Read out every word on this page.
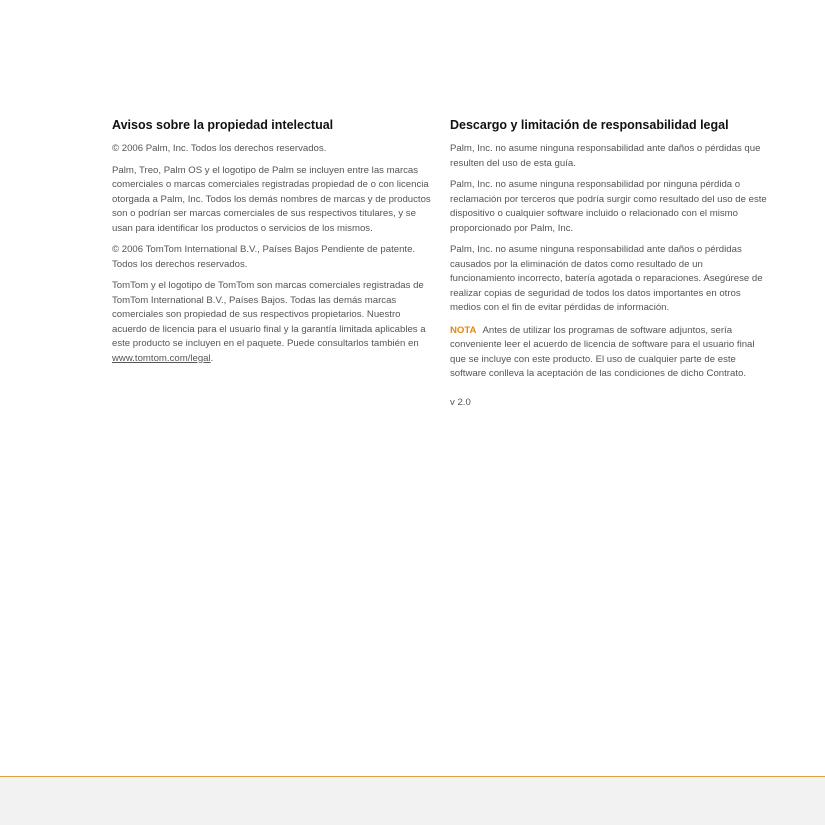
Avisos sobre la propiedad intelectual

© 2006 Palm, Inc. Todos los derechos reservados.

Palm, Treo, Palm OS y el logotipo de Palm se incluyen entre las marcas comerciales o marcas comerciales registradas propiedad de o con licencia otorgada a Palm, Inc. Todos los demás nombres de marcas y de productos son o podrían ser marcas comerciales de sus respectivos titulares, y se usan para identificar los productos o servicios de los mismos.

© 2006 TomTom International B.V., Países Bajos Pendiente de patente. Todos los derechos reservados.

TomTom y el logotipo de TomTom son marcas comerciales registradas de TomTom International B.V., Países Bajos. Todas las demás marcas comerciales son propiedad de sus respectivos propietarios. Nuestro acuerdo de licencia para el usuario final y la garantía limitada aplicables a este producto se incluyen en el paquete. Puede consultarlos también en www.tomtom.com/legal.

Descargo y limitación de responsabilidad legal

Palm, Inc. no asume ninguna responsabilidad ante daños o pérdidas que resulten del uso de esta guía.

Palm, Inc. no asume ninguna responsabilidad por ninguna pérdida o reclamación por terceros que podría surgir como resultado del uso de este dispositivo o cualquier software incluido o relacionado con el mismo proporcionado por Palm, Inc.

Palm, Inc. no asume ninguna responsabilidad ante daños o pérdidas causados por la eliminación de datos como resultado de un funcionamiento incorrecto, batería agotada o reparaciones. Asegúrese de realizar copias de seguridad de todos los datos importantes en otros medios con el fin de evitar pérdidas de información.

NOTA Antes de utilizar los programas de software adjuntos, sería conveniente leer el acuerdo de licencia de software para el usuario final que se incluye con este producto. El uso de cualquier parte de este software conlleva la aceptación de las condiciones de dicho Contrato.

v 2.0
